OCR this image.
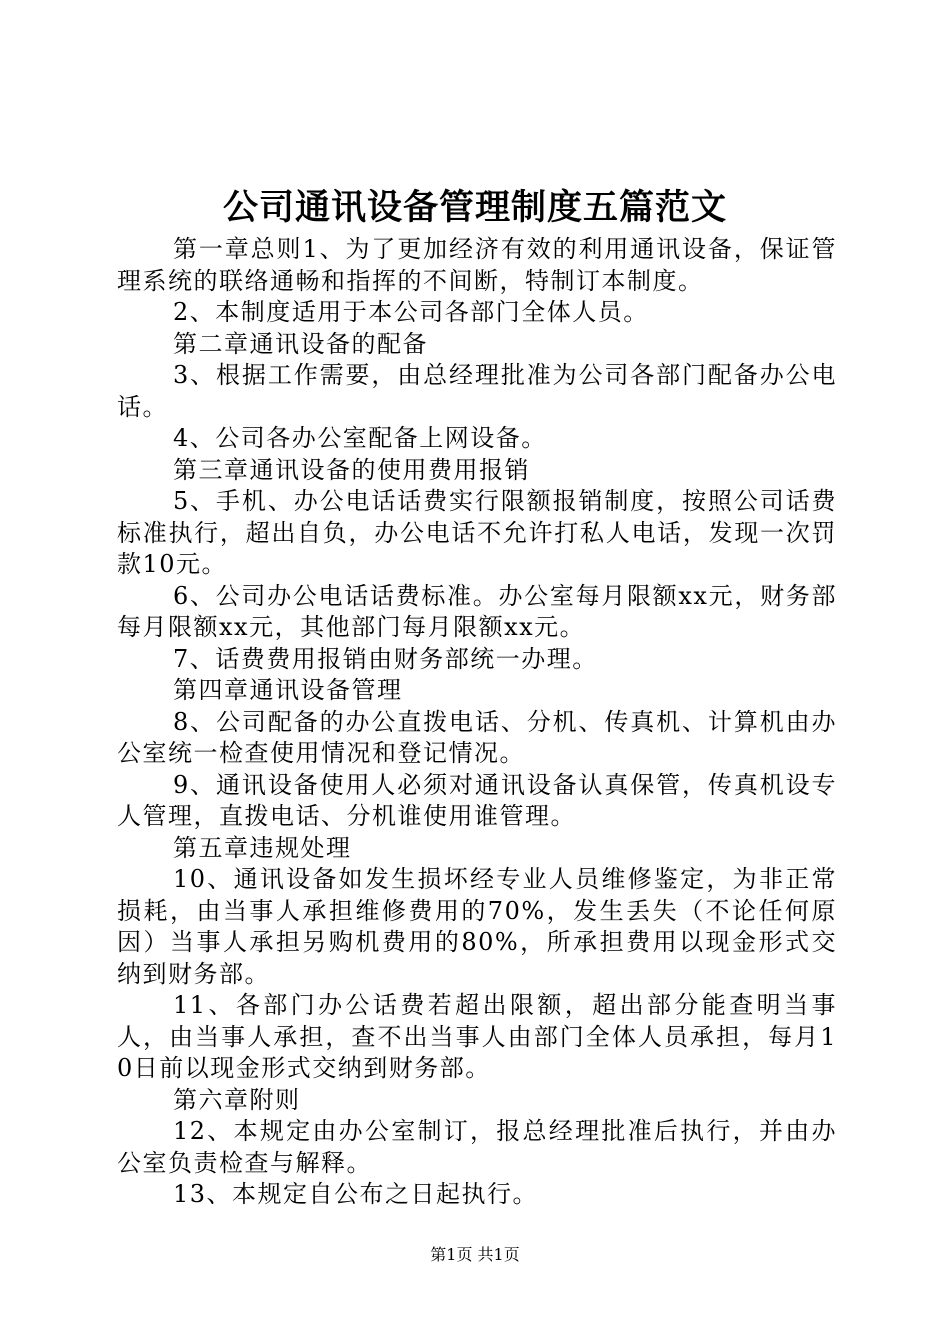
公司通讯设备管理制度五篇范文

第一章总则1、为了更加经济有效的利用通讯设备，保证管理系统的联络通畅和指挥的不间断，特制订本制度。

2、本制度适用于本公司各部门全体人员。

第二章通讯设备的配备

3、根据工作需要，由总经理批准为公司各部门配备办公电话。

4、公司各办公室配备上网设备。

第三章通讯设备的使用费用报销

5、手机、办公电话话费实行限额报销制度，按照公司话费标准执行，超出自负，办公电话不允许打私人电话，发现一次罚款10元。

6、公司办公电话话费标准。办公室每月限额xx元，财务部每月限额xx元，其他部门每月限额xx元。

7、话费费用报销由财务部统一办理。

第四章通讯设备管理

8、公司配备的办公直拨电话、分机、传真机、计算机由办公室统一检查使用情况和登记情况。

9、通讯设备使用人必须对通讯设备认真保管，传真机设专人管理，直拨电话、分机谁使用谁管理。

第五章违规处理

10、通讯设备如发生损坏经专业人员维修鉴定，为非正常损耗，由当事人承担维修费用的70%，发生丢失（不论任何原因）当事人承担另购机费用的80%，所承担费用以现金形式交纳到财务部。

11、各部门办公话费若超出限额，超出部分能查明当事人，由当事人承担，查不出当事人由部门全体人员承担，每月10日前以现金形式交纳到财务部。

第六章附则

12、本规定由办公室制订，报总经理批准后执行，并由办公室负责检查与解释。

13、本规定自公布之日起执行。

第1页 共1页
